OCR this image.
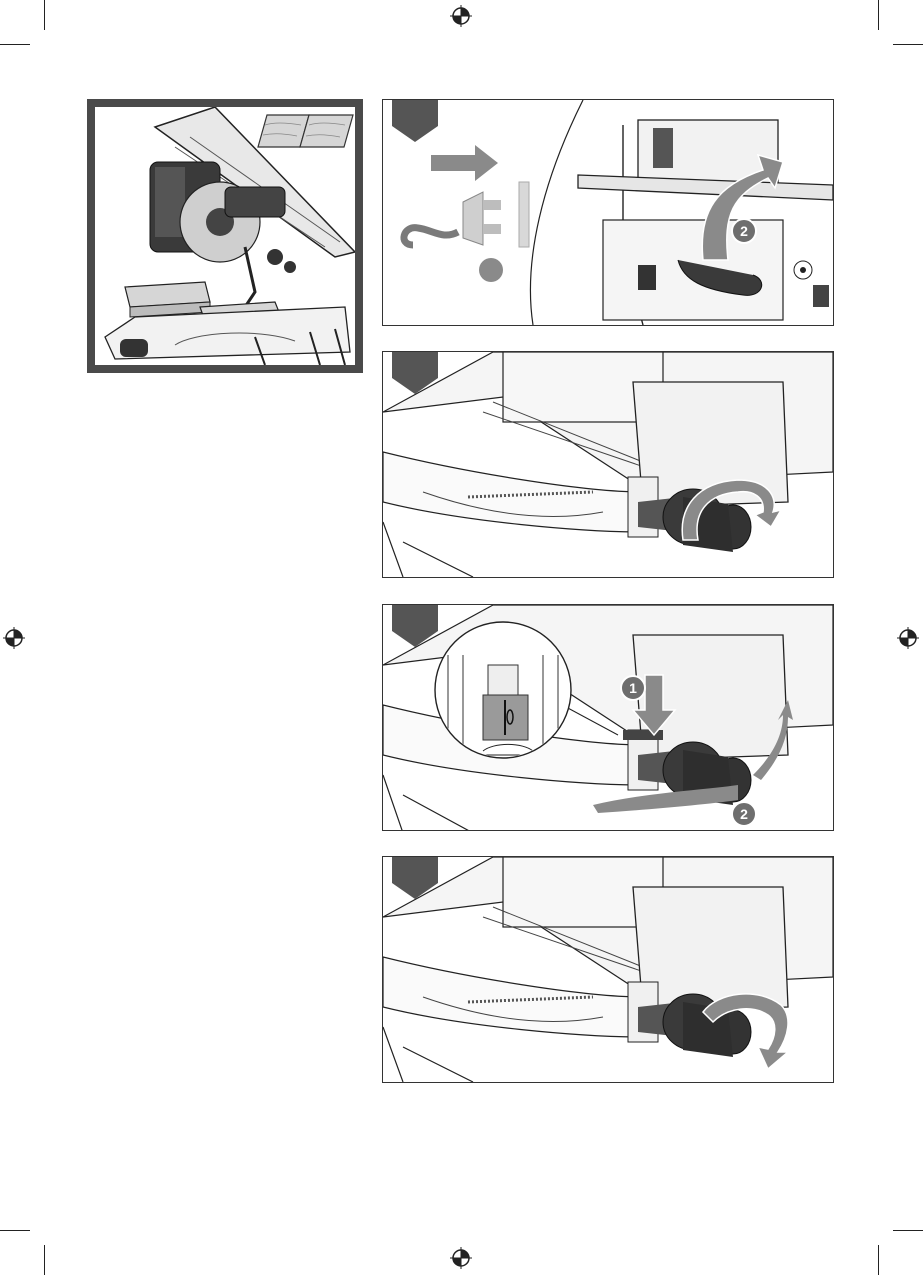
2
1
2
